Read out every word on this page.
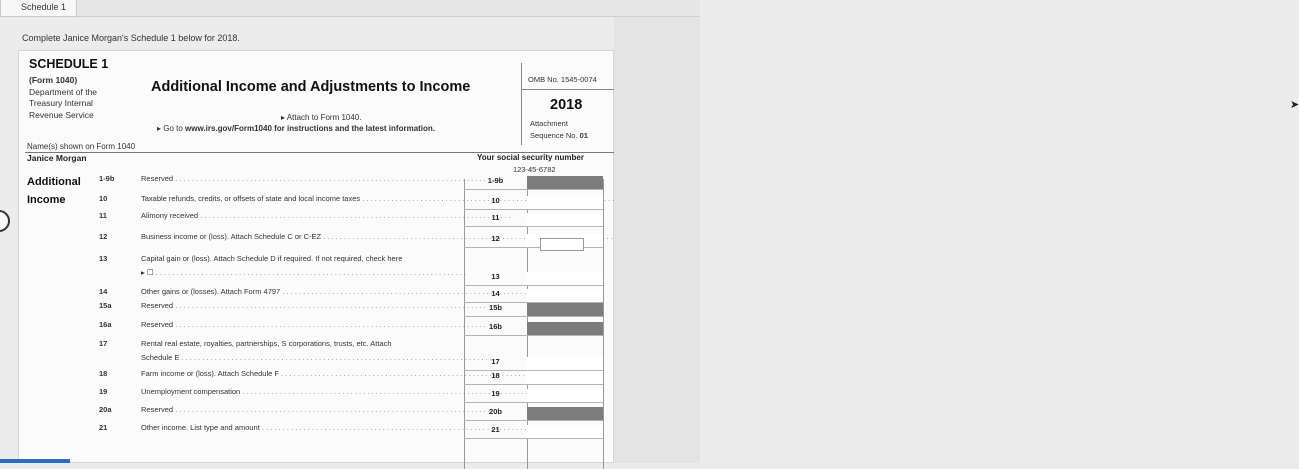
Schedule 1
Complete Janice Morgan's Schedule 1 below for 2018.
SCHEDULE 1
(Form 1040)
Department of the
Treasury Internal
Revenue Service
Additional Income and Adjustments to Income
▸ Attach to Form 1040.
▸ Go to www.irs.gov/Form1040 for instructions and the latest information.
OMB No. 1545-0074
2018
Attachment
Sequence No. 01
Name(s) shown on Form 1040
Janice Morgan	Your social security number
123-45-6782
Additional
Income
1-9b	Reserved . . .	1-9b
10	Taxable refunds, credits, or offsets of state and local income taxes . . .	10
11	Alimony received . . .	11
12	Business income or (loss). Attach Schedule C or C-EZ . . .	12
13	Capital gain or (loss). Attach Schedule D if required. If not required, check here
▸ ☐ . . .	13
14	Other gains or (losses). Attach Form 4797 . . .	14
15a	Reserved . . .	15b
16a	Reserved . . .	16b
17	Rental real estate, royalties, partnerships, S corporations, trusts, etc. Attach
Schedule E . . .	17
18	Farm income or (loss). Attach Schedule F . . .	18
19	Unemployment compensation . . .	19
20a	Reserved . . .	20b
21	Other income. List type and amount . . .	21
➤
